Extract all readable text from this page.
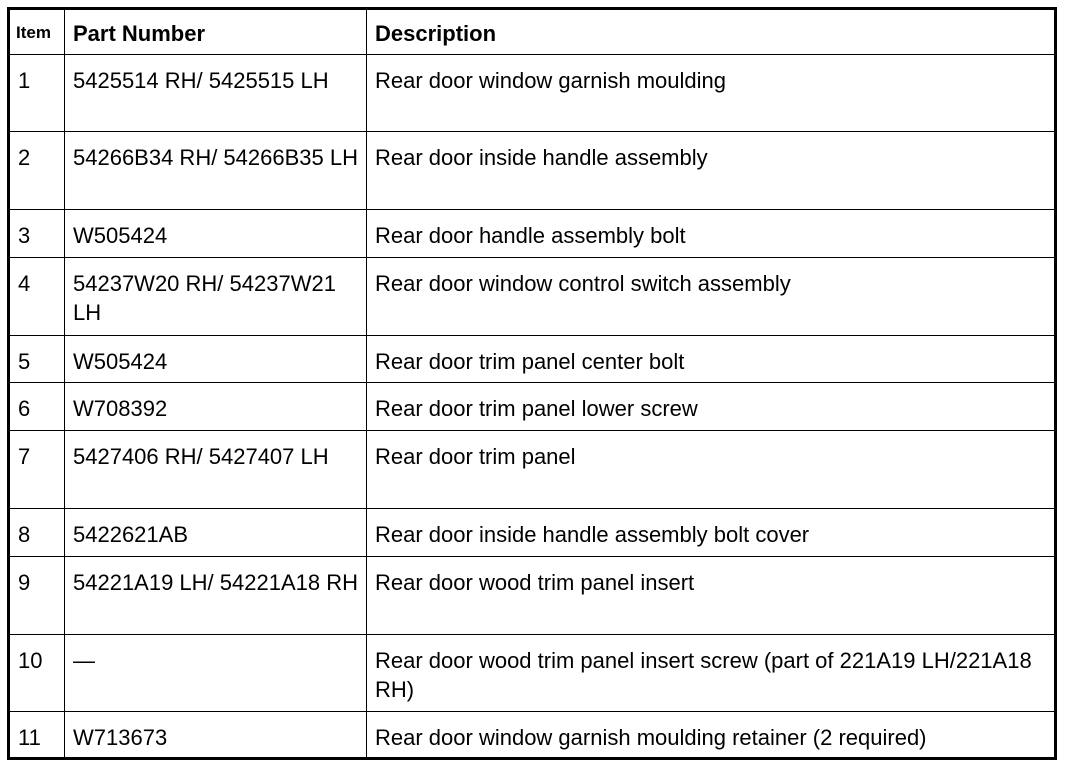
Item	Part Number	Description
1	5425514 RH/ 5425515 LH	Rear door window garnish moulding
2	54266B34 RH/ 54266B35 LH	Rear door inside handle assembly
3	W505424	Rear door handle assembly bolt
4	54237W20 RH/ 54237W21 LH	Rear door window control switch assembly
5	W505424	Rear door trim panel center bolt
6	W708392	Rear door trim panel lower screw
7	5427406 RH/ 5427407 LH	Rear door trim panel
8	5422621AB	Rear door inside handle assembly bolt cover
9	54221A19 LH/ 54221A18 RH	Rear door wood trim panel insert
10	—	Rear door wood trim panel insert screw (part of 221A19 LH/221A18 RH)
11	W713673	Rear door window garnish moulding retainer (2 required)
